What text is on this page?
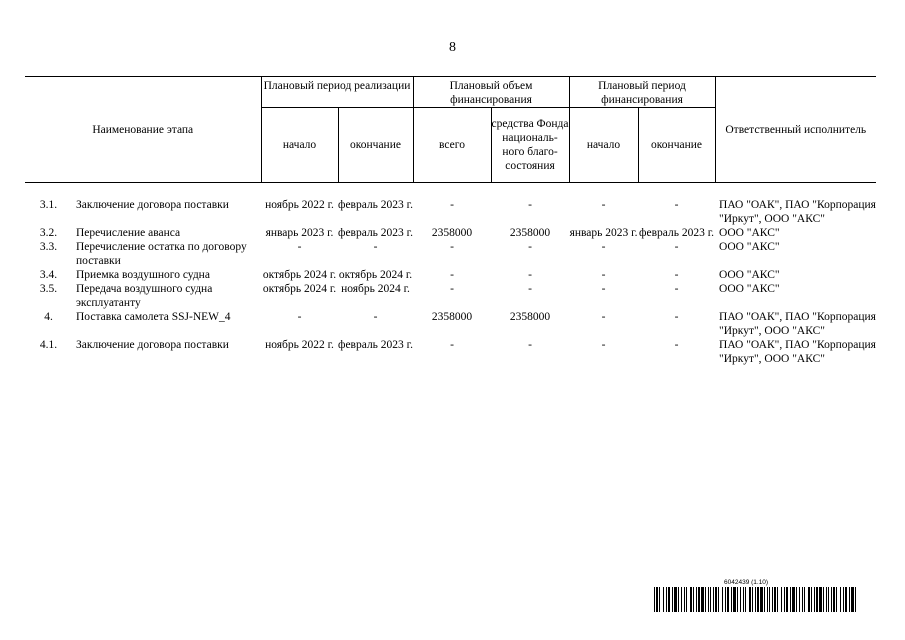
8
Наименование этапа		Плановый период реализации		Плановый объем финансирования		Плановый период финансирования		Ответственный исполнитель
		начало	окончание	всего	средства Фонда националь-ного благо-состояния	начало	окончание	

3.1.	Заключение договора поставки	ноябрь 2022 г.	февраль 2023 г.	-	-	-	-	ПАО "ОАК", ПАО "Корпорация "Иркут", ООО "АКС"
3.2.	Перечисление аванса	январь 2023 г.	февраль 2023 г.	2358000	2358000	январь 2023 г.	февраль 2023 г.	ООО "АКС"
3.3.	Перечисление остатка по договору поставки	-	-	-	-	-	-	ООО "АКС"
3.4.	Приемка воздушного судна	октябрь 2024 г.	октябрь 2024 г.	-	-	-	-	ООО "АКС"
3.5.	Передача воздушного судна эксплуатанту	октябрь 2024 г.	ноябрь 2024 г.	-	-	-	-	ООО "АКС"
4.	Поставка самолета SSJ-NEW_4	-	-	2358000	2358000	-	-	ПАО "ОАК", ПАО "Корпорация "Иркут", ООО "АКС"
4.1.	Заключение договора поставки	ноябрь 2022 г.	февраль 2023 г.	-	-	-	-	ПАО "ОАК", ПАО "Корпорация "Иркут", ООО "АКС"
6042439 (1.10)
